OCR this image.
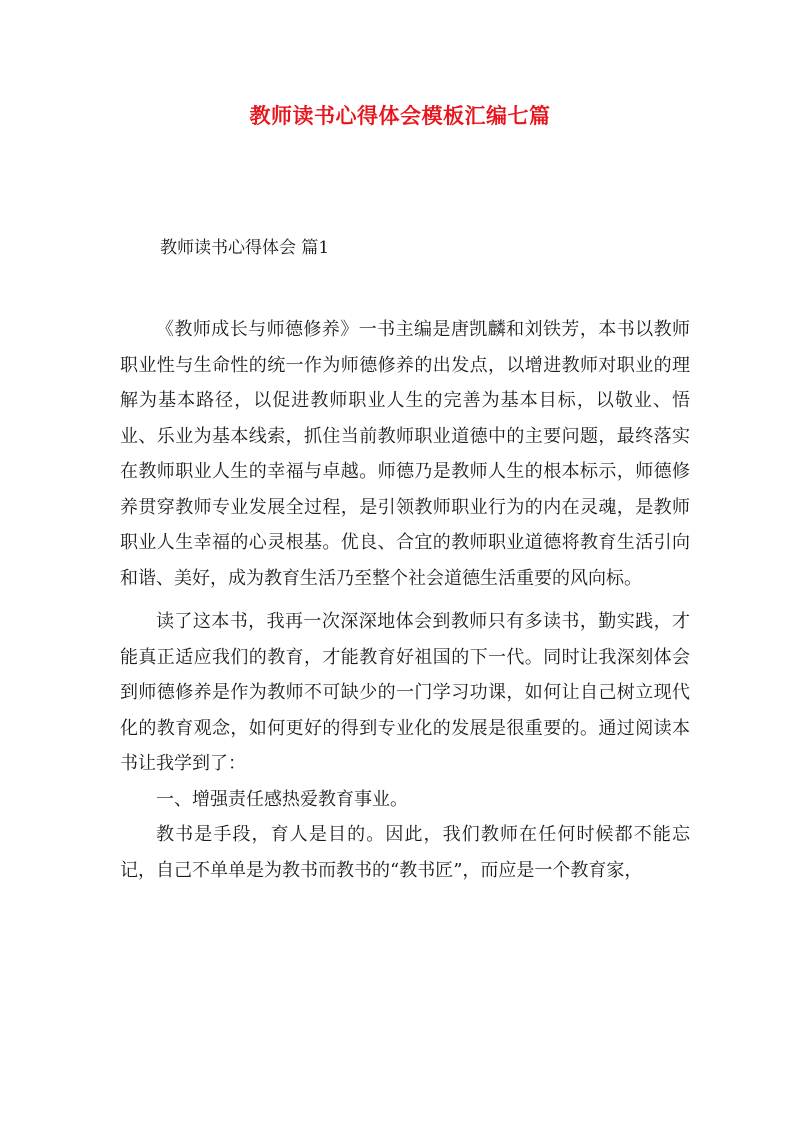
教师读书心得体会模板汇编七篇
教师读书心得体会 篇1

《教师成长与师德修养》一书主编是唐凯麟和刘铁芳，本书以教师职业性与生命性的统一作为师德修养的出发点，以增进教师对职业的理解为基本路径，以促进教师职业人生的完善为基本目标，以敬业、悟业、乐业为基本线索，抓住当前教师职业道德中的主要问题，最终落实在教师职业人生的幸福与卓越。师德乃是教师人生的根本标示，师德修养贯穿教师专业发展全过程，是引领教师职业行为的内在灵魂，是教师职业人生幸福的心灵根基。优良、合宜的教师职业道德将教育生活引向和谐、美好，成为教育生活乃至整个社会道德生活重要的风向标。

读了这本书，我再一次深深地体会到教师只有多读书，勤实践，才能真正适应我们的教育，才能教育好祖国的下一代。同时让我深刻体会到师德修养是作为教师不可缺少的一门学习功课，如何让自己树立现代化的教育观念，如何更好的得到专业化的发展是很重要的。通过阅读本书让我学到了：

一、增强责任感热爱教育事业。

教书是手段，育人是目的。因此，我们教师在任何时候都不能忘记，自己不单单是为教书而教书的“教书匠”，而应是一个教育家，
